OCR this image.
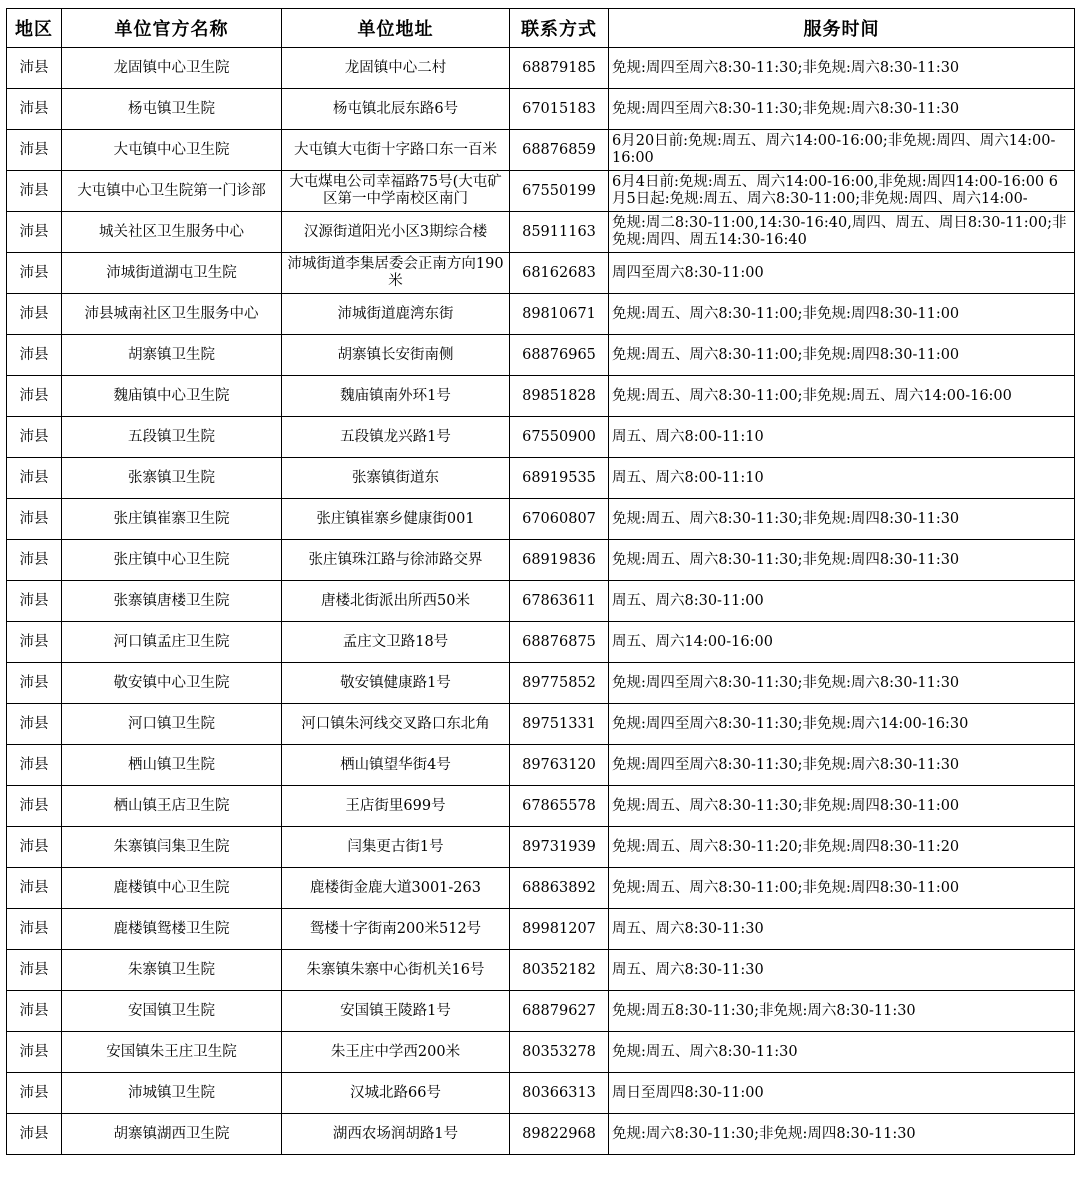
地区	单位官方名称	单位地址	联系方式	服务时间
沛县	龙固镇中心卫生院	龙固镇中心二村	68879185	免规:周四至周六8:30-11:30;非免规:周六8:30-11:30
沛县	杨屯镇卫生院	杨屯镇北辰东路6号	67015183	免规:周四至周六8:30-11:30;非免规:周六8:30-11:30
沛县	大屯镇中心卫生院	大屯镇大屯街十字路口东一百米	68876859	6月20日前:免规:周五、周六14:00-16:00;非免规:周四、周六14:00-16:00
沛县	大屯镇中心卫生院第一门诊部	大屯煤电公司幸福路75号(大屯矿区第一中学南校区南门	67550199	6月4日前:免规:周五、周六14:00-16:00,非免规:周四14:00-16:00 6月5日起:免规:周五、周六8:30-11:00;非免规:周四、周六14:00-
沛县	城关社区卫生服务中心	汉源街道阳光小区3期综合楼	85911163	免规:周二8:30-11:00,14:30-16:40,周四、周五、周日8:30-11:00;非免规:周四、周五14:30-16:40
沛县	沛城街道湖屯卫生院	沛城街道李集居委会正南方向190米	68162683	周四至周六8:30-11:00
沛县	沛县城南社区卫生服务中心	沛城街道鹿湾东街	89810671	免规:周五、周六8:30-11:00;非免规:周四8:30-11:00
沛县	胡寨镇卫生院	胡寨镇长安街南侧	68876965	免规:周五、周六8:30-11:00;非免规:周四8:30-11:00
沛县	魏庙镇中心卫生院	魏庙镇南外环1号	89851828	免规:周五、周六8:30-11:00;非免规:周五、周六14:00-16:00
沛县	五段镇卫生院	五段镇龙兴路1号	67550900	周五、周六8:00-11:10
沛县	张寨镇卫生院	张寨镇街道东	68919535	周五、周六8:00-11:10
沛县	张庄镇崔寨卫生院	张庄镇崔寨乡健康街001	67060807	免规:周五、周六8:30-11:30;非免规:周四8:30-11:30
沛县	张庄镇中心卫生院	张庄镇珠江路与徐沛路交界	68919836	免规:周五、周六8:30-11:30;非免规:周四8:30-11:30
沛县	张寨镇唐楼卫生院	唐楼北街派出所西50米	67863611	周五、周六8:30-11:00
沛县	河口镇孟庄卫生院	孟庄文卫路18号	68876875	周五、周六14:00-16:00
沛县	敬安镇中心卫生院	敬安镇健康路1号	89775852	免规:周四至周六8:30-11:30;非免规:周六8:30-11:30
沛县	河口镇卫生院	河口镇朱河线交叉路口东北角	89751331	免规:周四至周六8:30-11:30;非免规:周六14:00-16:30
沛县	栖山镇卫生院	栖山镇望华街4号	89763120	免规:周四至周六8:30-11:30;非免规:周六8:30-11:30
沛县	栖山镇王店卫生院	王店街里699号	67865578	免规:周五、周六8:30-11:30;非免规:周四8:30-11:00
沛县	朱寨镇闫集卫生院	闫集更古街1号	89731939	免规:周五、周六8:30-11:20;非免规:周四8:30-11:20
沛县	鹿楼镇中心卫生院	鹿楼街金鹿大道3001-263	68863892	免规:周五、周六8:30-11:00;非免规:周四8:30-11:00
沛县	鹿楼镇鸳楼卫生院	鸳楼十字街南200米512号	89981207	周五、周六8:30-11:30
沛县	朱寨镇卫生院	朱寨镇朱寨中心街机关16号	80352182	周五、周六8:30-11:30
沛县	安国镇卫生院	安国镇王陵路1号	68879627	免规:周五8:30-11:30;非免规:周六8:30-11:30
沛县	安国镇朱王庄卫生院	朱王庄中学西200米	80353278	免规:周五、周六8:30-11:30
沛县	沛城镇卫生院	汉城北路66号	80366313	周日至周四8:30-11:00
沛县	胡寨镇湖西卫生院	湖西农场润胡路1号	89822968	免规:周六8:30-11:30;非免规:周四8:30-11:30
